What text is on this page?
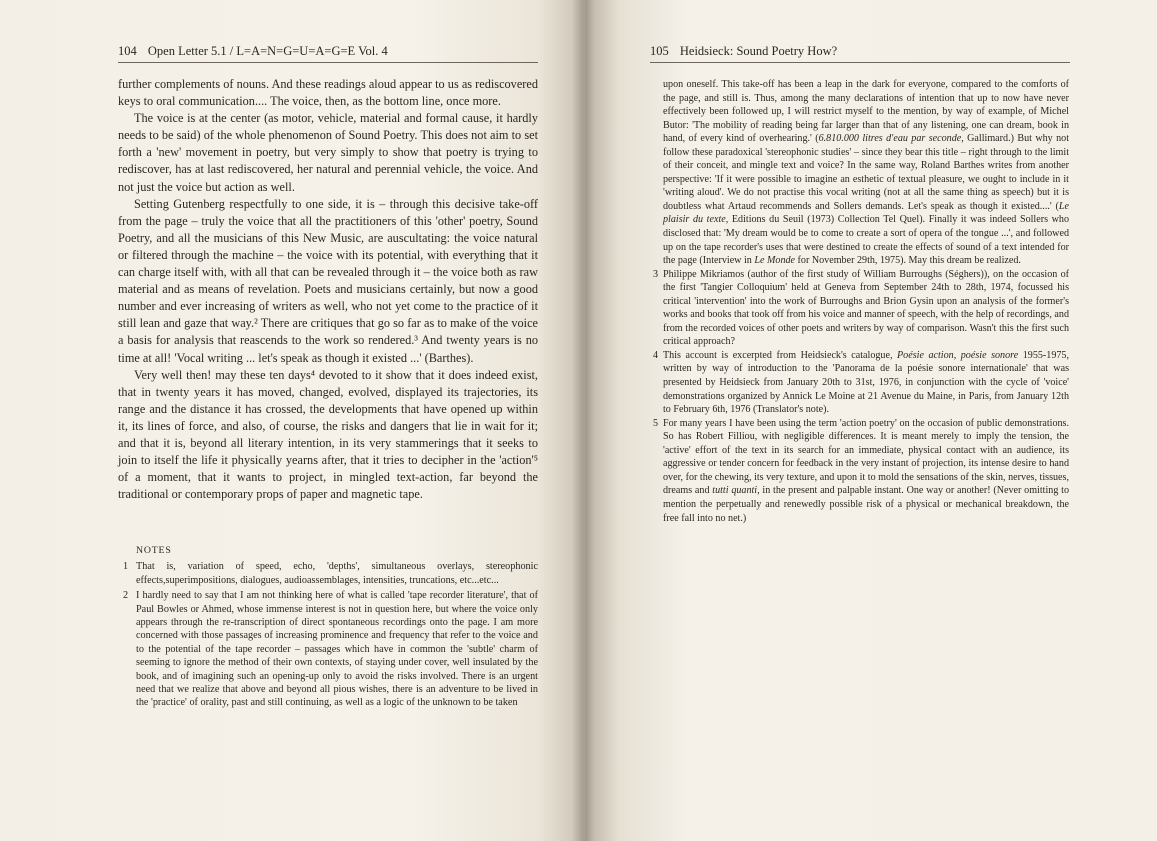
104 Open Letter 5.1 / L=A=N=G=U=A=G=E Vol. 4

further complements of nouns. And these readings aloud appear to us as rediscovered keys to oral communication.... The voice, then, as the bottom line, once more.

The voice is at the center (as motor, vehicle, material and formal cause, it hardly needs to be said) of the whole phenomenon of Sound Poetry. This does not aim to set forth a 'new' movement in poetry, but very simply to show that poetry is trying to rediscover, has at last rediscovered, her natural and perennial vehicle, the voice. And not just the voice but action as well.

Setting Gutenberg respectfully to one side, it is – through this decisive take-off from the page – truly the voice that all the practitioners of this 'other' poetry, Sound Poetry, and all the musicians of this New Music, are auscultating: the voice natural or filtered through the machine – the voice with its potential, with everything that it can charge itself with, with all that can be revealed through it – the voice both as raw material and as means of revelation. Poets and musicians certainly, but now a good number and ever increasing of writers as well, who not yet come to the practice of it still lean and gaze that way.² There are critiques that go so far as to make of the voice a basis for analysis that reascends to the work so rendered.³ And twenty years is no time at all! 'Vocal writing ... let's speak as though it existed ...' (Barthes).

Very well then! may these ten days⁴ devoted to it show that it does indeed exist, that in twenty years it has moved, changed, evolved, displayed its trajectories, its range and the distance it has crossed, the developments that have opened up within it, its lines of force, and also, of course, the risks and dangers that lie in wait for it; and that it is, beyond all literary intention, in its very stammerings that it seeks to join to itself the life it physically yearns after, that it tries to decipher in the 'action'⁵ of a moment, that it wants to project, in mingled text-action, far beyond the traditional or contemporary props of paper and magnetic tape.

NOTES
1 That is, variation of speed, echo, 'depths', simultaneous overlays, stereophonic effects,superimpositions, dialogues, audioassemblages, intensities, truncations, etc...etc...
2 I hardly need to say that I am not thinking here of what is called 'tape recorder literature', that of Paul Bowles or Ahmed, whose immense interest is not in question here, but where the voice only appears through the re-transcription of direct spontaneous recordings onto the page. I am more concerned with those passages of increasing prominence and frequency that refer to the voice and to the potential of the tape recorder – passages which have in common the 'subtle' charm of seeming to ignore the method of their own contexts, of staying under cover, well insulated by the book, and of imagining such an opening-up only to avoid the risks involved. There is an urgent need that we realize that above and beyond all pious wishes, there is an adventure to be lived in the 'practice' of orality, past and still continuing, as well as a logic of the unknown to be taken
105 Heidsieck: Sound Poetry How?
upon oneself. This take-off has been a leap in the dark for everyone, compared to the comforts of the page, and still is. Thus, among the many declarations of intention that up to now have never effectively been followed up, I will restrict myself to the mention, by way of example, of Michel Butor: 'The mobility of reading being far larger than that of any listening, one can dream, book in hand, of every kind of overhearing.' (6.810.000 litres d'eau par seconde, Gallimard.) But why not follow these paradoxical 'stereophonic studies' – since they bear this title – right through to the limit of their conceit, and mingle text and voice? In the same way, Roland Barthes writes from another perspective: 'If it were possible to imagine an esthetic of textual pleasure, we ought to include in it 'writing aloud'. We do not practise this vocal writing (not at all the same thing as speech) but it is doubtless what Artaud recommends and Sollers demands. Let's speak as though it existed....' (Le plaisir du texte, Editions du Seuil (1973) Collection Tel Quel). Finally it was indeed Sollers who disclosed that: 'My dream would be to come to create a sort of opera of the tongue ...', and followed up on the tape recorder's uses that were destined to create the effects of sound of a text intended for the page (Interview in Le Monde for November 29th, 1975). May this dream be realized.
3 Philippe Mikriamos (author of the first study of William Burroughs (Séghers)), on the occasion of the first 'Tangier Colloquium' held at Geneva from September 24th to 28th, 1974, focussed his critical 'intervention' into the work of Burroughs and Brion Gysin upon an analysis of the former's works and books that took off from his voice and manner of speech, with the help of recordings, and from the recorded voices of other poets and writers by way of comparison. Wasn't this the first such critical approach?
4 This account is excerpted from Heidsieck's catalogue, Poésie action, poésie sonore 1955-1975, written by way of introduction to the 'Panorama de la poésie sonore internationale' that was presented by Heidsieck from January 20th to 31st, 1976, in conjunction with the cycle of 'voice' demonstrations organized by Annick Le Moine at 21 Avenue du Maine, in Paris, from January 12th to February 6th, 1976 (Translator's note).
5 For many years I have been using the term 'action poetry' on the occasion of public demonstrations. So has Robert Filliou, with negligible differences. It is meant merely to imply the tension, the 'active' effort of the text in its search for an immediate, physical contact with an audience, its aggressive or tender concern for feedback in the very instant of projection, its intense desire to hand over, for the chewing, its very texture, and upon it to mold the sensations of the skin, nerves, tissues, dreams and tutti quanti, in the present and palpable instant. One way or another! (Never omitting to mention the perpetually and renewedly possible risk of a physical or mechanical breakdown, the free fall into no net.)
